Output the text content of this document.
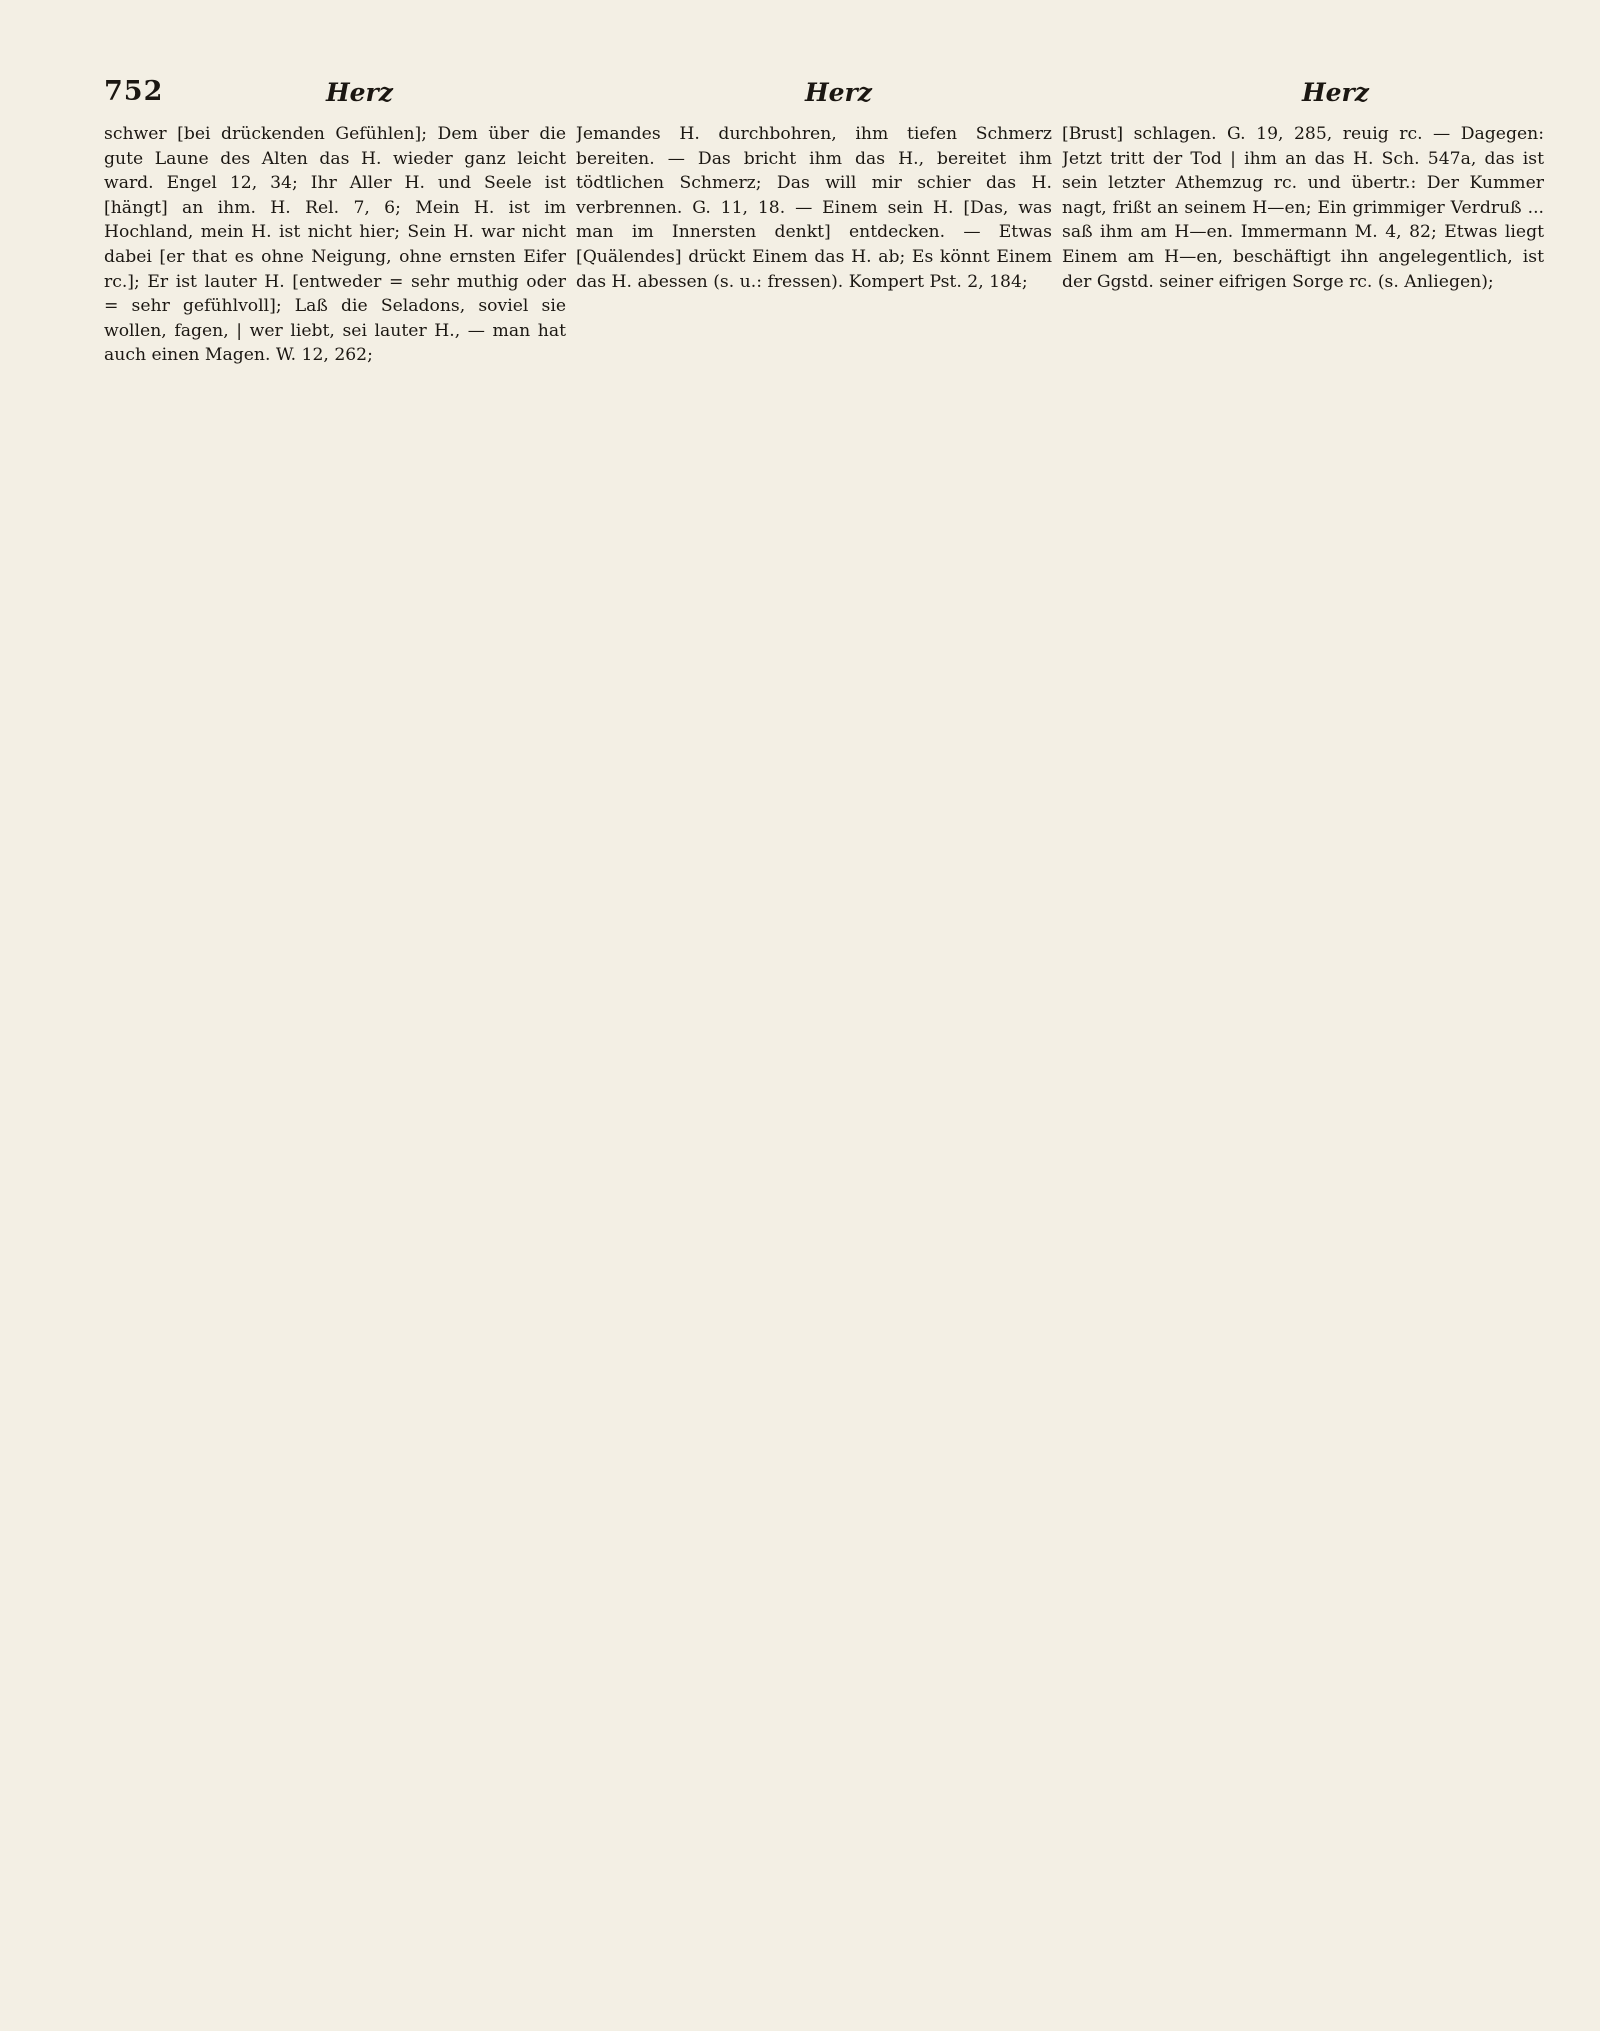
752	Herz	Herz	Herz

schwer [bei drückenden Gefühlen]; Dem über die gute Laune des Alten das H. wieder ganz leicht ward. Engel 12, 34; Ihr Aller H. und Seele ist [hängt] an ihm. H. Rel. 7, 6; Mein H. ist im Hochland, mein H. ist nicht hier; Sein H. war nicht dabei [er that es ohne Neigung, ohne ernsten Eifer rc.]; Er ist lauter H. [entweder = sehr muthig oder = sehr gefühlvoll]; Laß die Seladons, soviel sie wollen, fagen, | wer liebt, sei lauter H., — man hat auch einen Magen. W. 12, 262;

Jemandes H. durchbohren, ihm tiefen Schmerz bereiten. — Das bricht ihm das H., bereitet ihm tödtlichen Schmerz; Das will mir schier das H. verbrennen. G. 11, 18. — Einem sein H. [Das, was man im Innersten denkt] entdecken. — Etwas [Quälendes] drückt Einem das H. ab; Es könnt Einem das H. abessen (s. u.: fressen). Kompert Pst. 2, 184;

[Brust] schlagen. G. 19, 285, reuig rc. — Dagegen: Jetzt tritt der Tod | ihm an das H. Sch. 547a, das ist sein letzter Athemzug rc. und übertr.: Der Kummer nagt, frißt an seinem H—en; Ein grimmiger Verdruß ... saß ihm am H—en. Immermann M. 4, 82; Etwas liegt Einem am H—en, beschäftigt ihn angelegentlich, ist der Ggstd. seiner eifrigen Sorge rc. (s. Anliegen);
